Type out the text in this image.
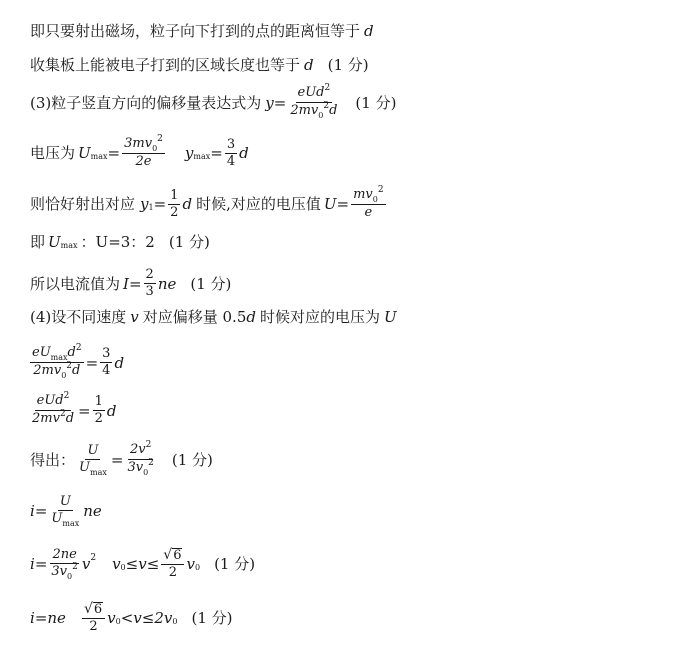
即只要射出磁场，粒子向下打到的点的距离恒等于 d
收集板上能被电子打到的区域长度也等于 d (1 分)
(3)粒子竖直方向的偏移量表达式为 $y = \frac{eUd^2}{2mv_0^2d} (1$ 分)
电压为 U $\max = \frac{3mv_0^2}{2e}$ y $\max = \frac{3}{4}$ d
则恰好射出对应 y $1 = \frac{1}{2}$ d 时候,对应的电压值 $U = \frac{mv_0^2}{e}$
即 U max ：U=3：2 (1 分)
所以电流值为 $I = \frac{2}{3}$ ne (1 分)
(4)设不同速度 v 对应偏移量 0.5 d 时候对应的电压为 U
$\frac{eU_{max}d^2}{2mv_0^2d} = \frac{3}{4}$ d
$\frac{eUd^2}{2mv^2d} = \frac{1}{2}$ d
得出： $\frac{U}{U_{max}} = \frac{2v^2}{3v_0^2} (1$ 分)
$i = \frac{U}{U_{max}}$ ne
$i = \frac{2ne}{3v_0^2}$ v 2 v $0 \le v \le \frac{√ 6}{2}$ v 0 (1 分)
i = ne $\frac{√ 6}{2}$ v 0 < v ≤ 2v 0 (1 分)
